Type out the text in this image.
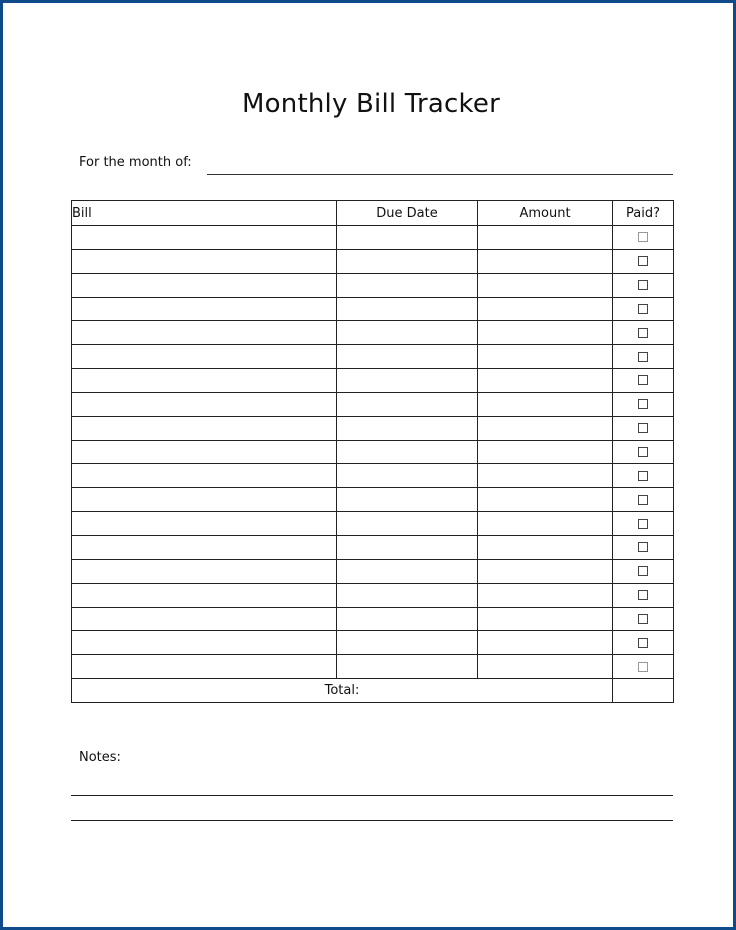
Monthly Bill Tracker
For the month of:
Bill	Due Date	Amount	Paid?

Total:			
Notes:
